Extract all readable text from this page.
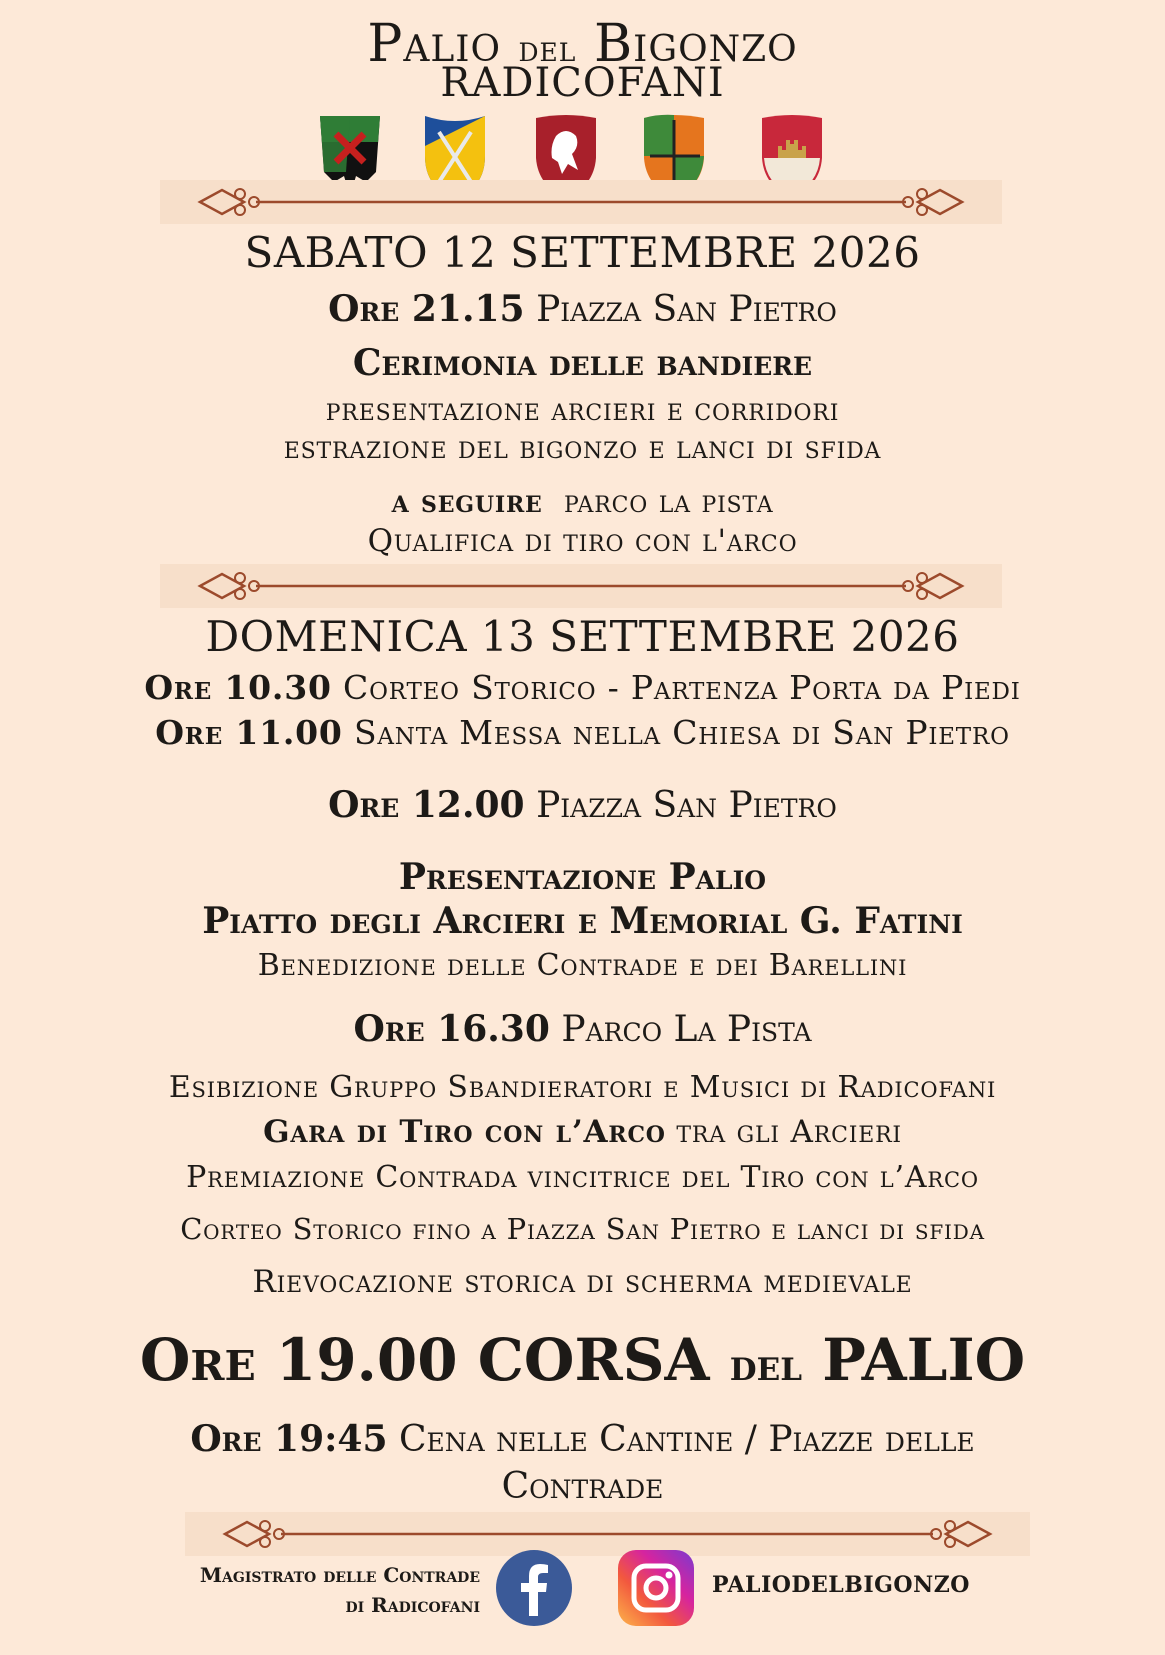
Palio del Bigonzo
RADICOFANI
SABATO 12 SETTEMBRE 2026
Ore 21.15 Piazza San Pietro
Cerimonia delle bandiere
presentazione arcieri e corridori
estrazione del bigonzo e lanci di sfida
a seguire parco la pista
Qualifica di tiro con l'arco
DOMENICA 13 SETTEMBRE 2026
Ore 10.30 Corteo Storico - Partenza Porta da Piedi
Ore 11.00 Santa Messa nella Chiesa di San Pietro
Ore 12.00 Piazza San Pietro
Presentazione Palio
Piatto degli Arcieri e Memorial G. Fatini
Benedizione delle Contrade e dei Barellini
Ore 16.30 Parco La Pista
Esibizione Gruppo Sbandieratori e Musici di Radicofani
Gara di Tiro con l’Arco tra gli Arcieri
Premiazione Contrada vincitrice del Tiro con l’Arco
Corteo Storico fino a Piazza San Pietro e lanci di sfida
Rievocazione storica di scherma medievale
Ore 19.00 CORSA del PALIO
Ore 19:45 Cena nelle Cantine / Piazze delle
Contrade
Magistrato delle Contrade
di Radicofani
PALIODELBIGONZO
